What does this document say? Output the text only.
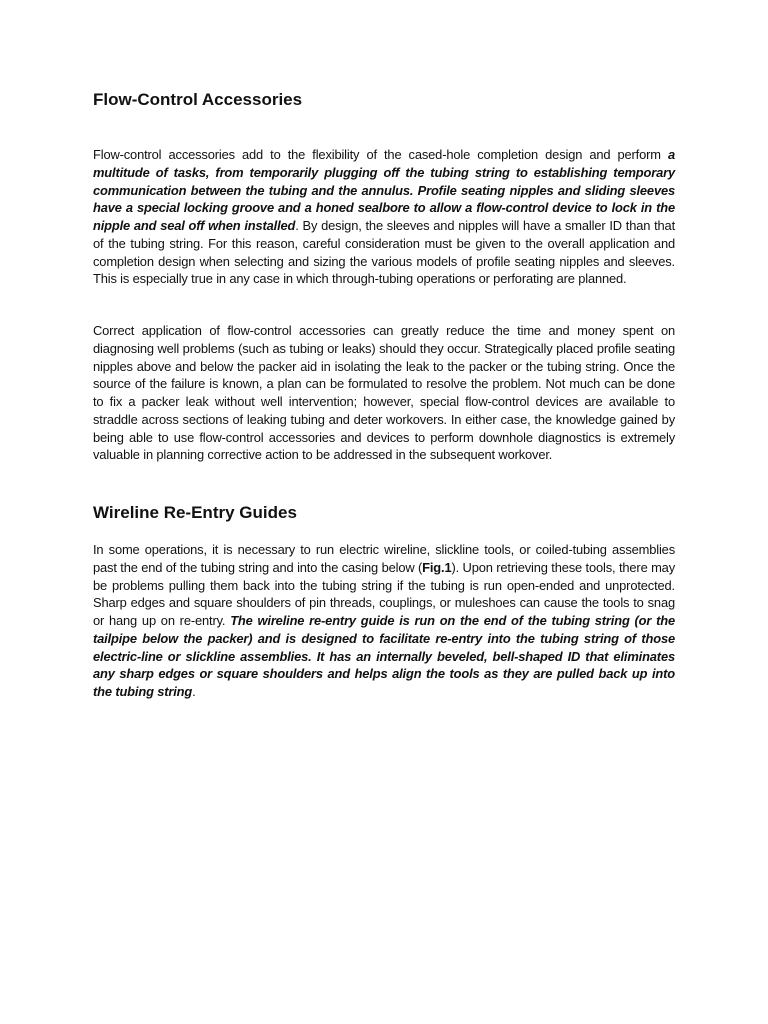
Flow-Control Accessories

Flow-control accessories add to the flexibility of the cased-hole completion design and perform a multitude of tasks, from temporarily plugging off the tubing string to establishing temporary communication between the tubing and the annulus. Profile seating nipples and sliding sleeves have a special locking groove and a honed sealbore to allow a flow-control device to lock in the nipple and seal off when installed. By design, the sleeves and nipples will have a smaller ID than that of the tubing string. For this reason, careful consideration must be given to the overall application and completion design when selecting and sizing the various models of profile seating nipples and sleeves. This is especially true in any case in which through-tubing operations or perforating are planned.

Correct application of flow-control accessories can greatly reduce the time and money spent on diagnosing well problems (such as tubing or leaks) should they occur. Strategically placed profile seating nipples above and below the packer aid in isolating the leak to the packer or the tubing string. Once the source of the failure is known, a plan can be formulated to resolve the problem. Not much can be done to fix a packer leak without well intervention; however, special flow-control devices are available to straddle across sections of leaking tubing and deter workovers. In either case, the knowledge gained by being able to use flow-control accessories and devices to perform downhole diagnostics is extremely valuable in planning corrective action to be addressed in the subsequent workover.

Wireline Re-Entry Guides

In some operations, it is necessary to run electric wireline, slickline tools, or coiled-tubing assemblies past the end of the tubing string and into the casing below (Fig.1). Upon retrieving these tools, there may be problems pulling them back into the tubing string if the tubing is run open-ended and unprotected. Sharp edges and square shoulders of pin threads, couplings, or muleshoes can cause the tools to snag or hang up on re-entry. The wireline re-entry guide is run on the end of the tubing string (or the tailpipe below the packer) and is designed to facilitate re-entry into the tubing string of those electric-line or slickline assemblies. It has an internally beveled, bell-shaped ID that eliminates any sharp edges or square shoulders and helps align the tools as they are pulled back up into the tubing string.
